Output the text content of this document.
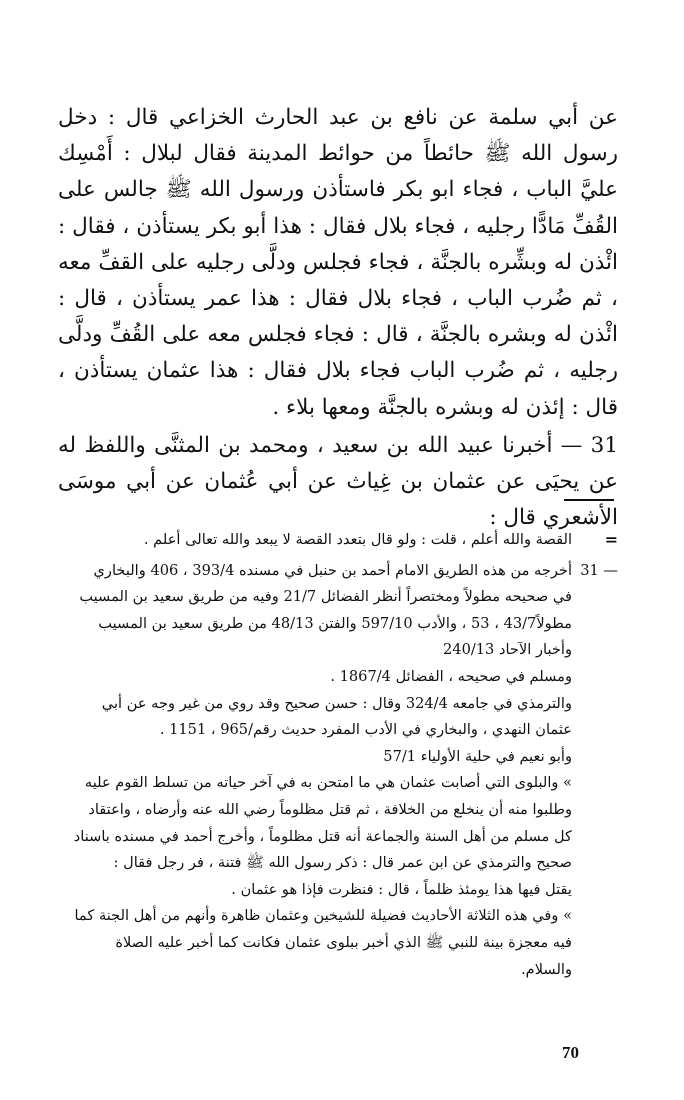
عن أبي سلمة عن نافع بن عبد الحارث الخزاعي قال : دخل رسول الله ﷺ حائطاً من حوائط المدينة فقال لبلال : أَمْسِك عليَّ الباب ، فجاء ابو بكر فاستأذن ورسول الله ﷺ جالس على القُفِّ مَادًّا رجليه ، فجاء بلال فقال : هذا أبو بكر يستأذن ، فقال : ائْذن له وبشِّره بالجنَّة ، فجاء فجلس ودلَّى رجليه على القفِّ معه ، ثم ضُرب الباب ، فجاء بلال فقال : هذا عمر يستأذن ، قال : ائْذن له وبشره بالجنَّة ، قال : فجاء فجلس معه على القُفِّ ودلَّى رجليه ، ثم ضُرب الباب فجاء بلال فقال : هذا عثمان يستأذن ، قال : إئذن له وبشره بالجنَّة ومعها بلاء .

31 — أخبرنا عبيد الله بن سعيد ، ومحمد بن المثنَّى واللفظ له عن يحيَى عن عثمان بن غِياث عن أبي عُثمان عن أبي موسَى الأشعري قال :

=
القصة والله أعلم ، قلت : ولو قال بتعدد القصة لا يبعد والله تعالى أعلم .
31 —
أخرجه من هذه الطريق الامام أحمد بن حنبل في مسنده 393/4 ، 406 والبخاري
في صحيحه مطولاً ومختصراً أنظر الفضائل 21/7 وفيه من طريق سعيد بن المسيب
مطولاً43/7 ، 53 ، والأدب 597/10 والفتن 48/13 من طريق سعيد بن المسيب
وأخبار الآحاد 240/13
ومسلم في صحيحه ، الفضائل 1867/4 .
والترمذي في جامعه 324/4 وقال : حسن صحيح وقد روي من غير وجه عن أبي
عثمان النهدي ، والبخاري في الأدب المفرد حديث رقم/965 ، 1151 .
وأبو نعيم في حلية الأولياء 57/1
» والبلوى التي أصابت عثمان هي ما امتحن به في آخر حياته من تسلط القوم عليه
وطلبوا منه أن ينخلع من الخلافة ، ثم قتل مظلوماً رضي الله عنه وأرضاه ، واعتقاد
كل مسلم من أهل السنة والجماعة أنه قتل مظلوماً ، وأخرج أحمد في مسنده باسناد
صحيح والترمذي عن ابن عمر قال : ذكر رسول الله ﷺ فتنة ، فر رجل فقال :
يقتل فيها هذا يومئذ ظلماً ، قال : فنظرت فإذا هو عثمان .
» وفي هذه الثلاثة الأحاديث فضيلة للشيخين وعثمان ظاهرة وأنهم من أهل الجنة كما
فيه معجزة بينة للنبي ﷺ الذي أخبر ببلوى عثمان فكانت كما أخبر عليه الصلاة
والسلام.
70
